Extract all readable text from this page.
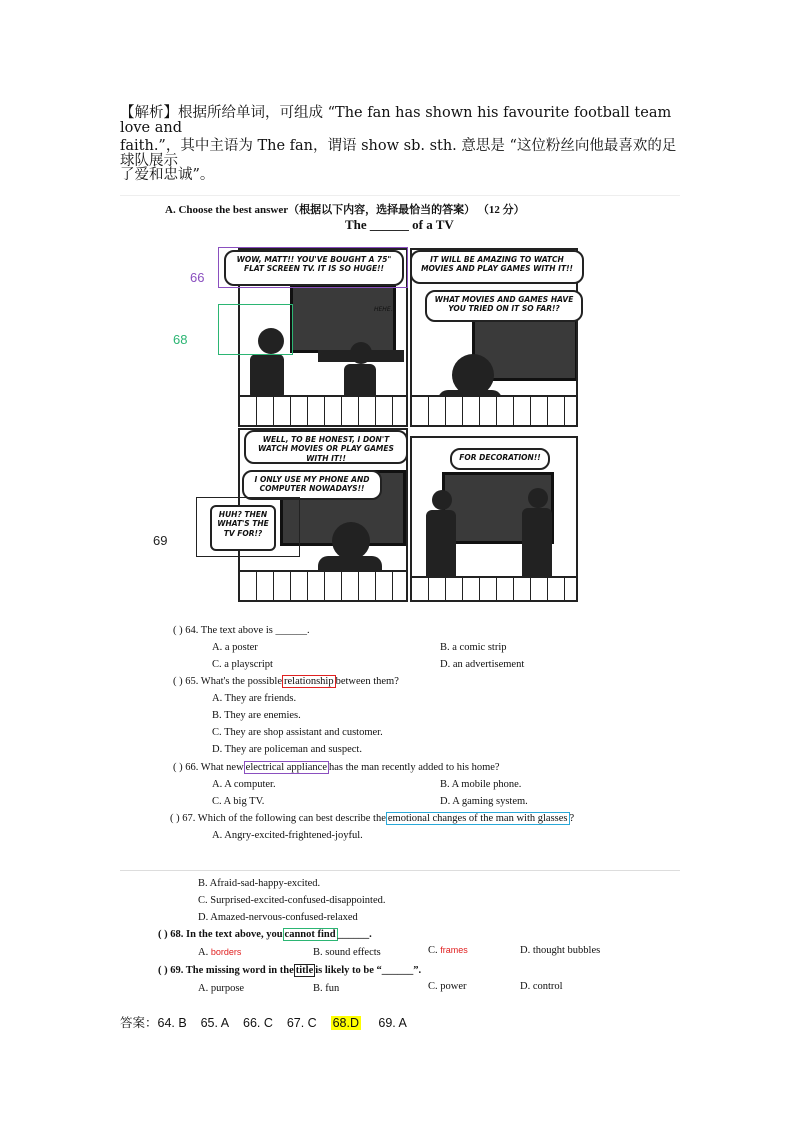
【解析】根据所给单词，可组成 “The fan has shown his favourite football team love and
faith.”，其中主语为 The fan，谓语 show sb. sth. 意思是 “这位粉丝向他最喜欢的足球队展示
了爱和忠诚”。
A. Choose the best answer（根据以下内容，选择最恰当的答案） （12 分）
The ______ of a TV
HEHE...
WOW, MATT!! YOU'VE BOUGHT A 75" FLAT SCREEN TV. IT IS SO HUGE!!
IT WILL BE AMAZING TO WATCH MOVIES AND PLAY GAMES WITH IT!!
WHAT MOVIES AND GAMES HAVE YOU TRIED ON IT SO FAR!?
WELL, TO BE HONEST, I DON'T WATCH MOVIES OR PLAY GAMES WITH IT!!
I ONLY USE MY PHONE AND COMPUTER NOWADAYS!!
HUH? THEN WHAT'S THE TV FOR!?
FOR DECORATION!!
66
68
69
( ) 64. The text above is ______.
A. a poster	B. a comic strip
C. a playscript	D. an advertisement
( ) 65. What's the possible relationship between them?
A. They are friends.
B. They are enemies.
C. They are shop assistant and customer.
D. They are policeman and suspect.
( ) 66. What new electrical appliance has the man recently added to his home?
A. A computer.	B. A mobile phone.
C. A big TV.	D. A gaming system.
( ) 67. Which of the following can best describe the emotional changes of the man with glasses ?
A. Angry-excited-frightened-joyful.
B. Afraid-sad-happy-excited.
C. Surprised-excited-confused-disappointed.
D. Amazed-nervous-confused-relaxed
( ) 68. In the text above, you cannot find ______.
A. borders	B. sound effects	C. frames	D. thought bubbles
( ) 69. The missing word in the title is likely to be “______”.
A. purpose	B. fun	C. power	D. control
答案：64. B 65. A 66. C 67. C 68.D 69. A
